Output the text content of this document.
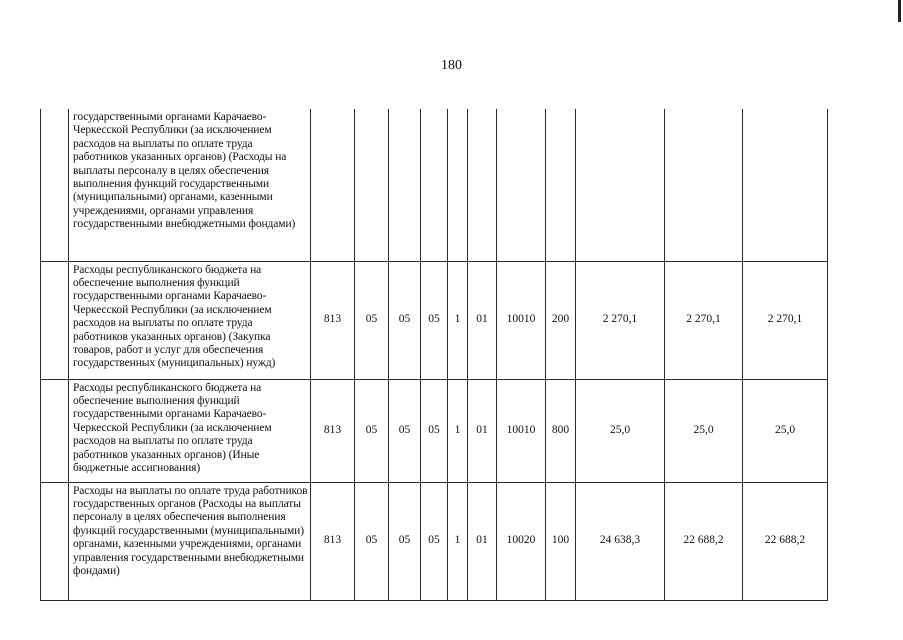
180
	государственными органами Карачаево-Черкесской Республики (за исключением расходов на выплаты по оплате труда работников указанных органов) (Расходы на выплаты персоналу в целях обеспечения выполнения функций государственными (муниципальными) органами, казенными учреждениями, органами управления государственными внебюджетными фондами)											
	Расходы республиканского бюджета на обеспечение выполнения функций государственными органами Карачаево-Черкесской Республики (за исключением расходов на выплаты по оплате труда работников указанных органов) (Закупка товаров, работ и услуг для обеспечения государственных (муниципальных) нужд)	813	05	05	05	1	01	10010	200	2 270,1	2 270,1	2 270,1
	Расходы республиканского бюджета на обеспечение выполнения функций государственными органами Карачаево-Черкесской Республики (за исключением расходов на выплаты по оплате труда работников указанных органов) (Иные бюджетные ассигнования)	813	05	05	05	1	01	10010	800	25,0	25,0	25,0
	Расходы на выплаты по оплате труда работников государственных органов (Расходы на выплаты персоналу в целях обеспечения выполнения функций государственными (муниципальными) органами, казенными учреждениями, органами управления государственными внебюджетными фондами)	813	05	05	05	1	01	10020	100	24 638,3	22 688,2	22 688,2
